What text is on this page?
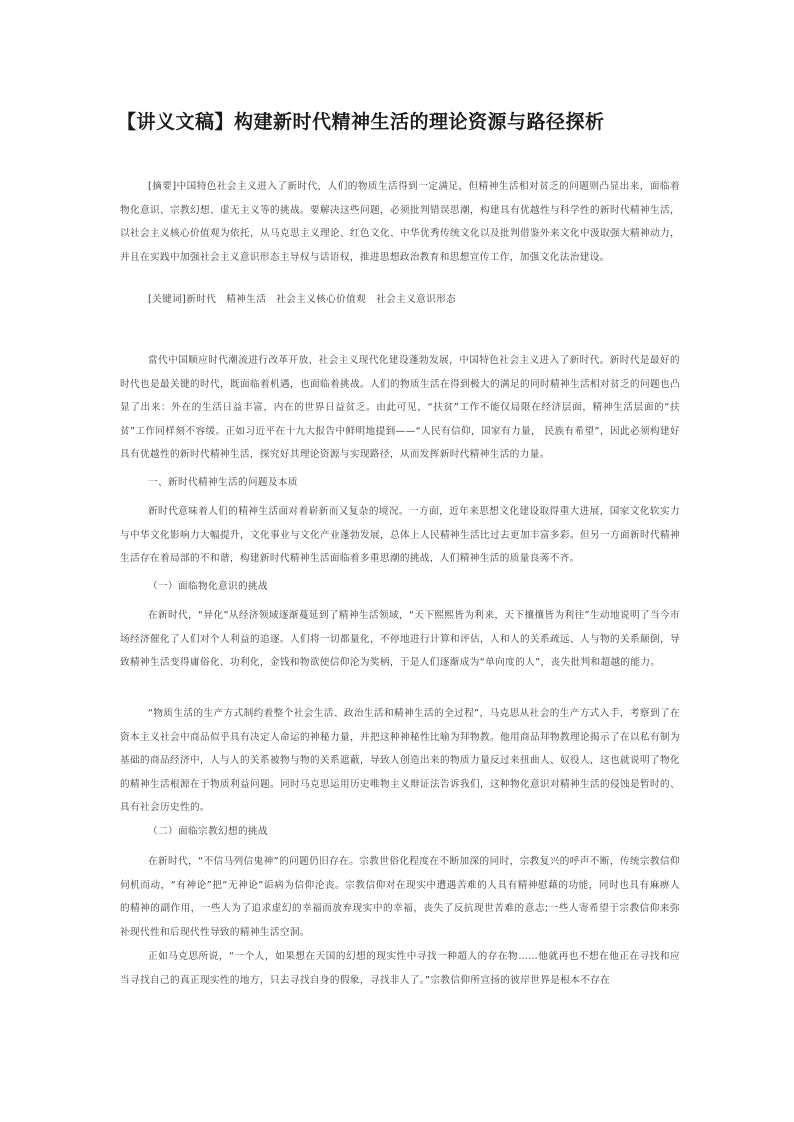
【讲义文稿】构建新时代精神生活的理论资源与路径探析

[摘要]中国特色社会主义进入了新时代，人们的物质生活得到一定满足，但精神生活相对贫乏的问题则凸显出来，面临着物化意识、宗教幻想、虚无主义等的挑战。要解决这些问题，必须批判错误思潮，构建具有优越性与科学性的新时代精神生活，以社会主义核心价值观为依托，从马克思主义理论、红色文化、中华优秀传统文化以及批判借鉴外来文化中汲取强大精神动力，并且在实践中加强社会主义意识形态主导权与话语权，推进思想政治教育和思想宣传工作，加强文化法治建设。

[关键词]新时代　精神生活　社会主义核心价值观　社会主义意识形态

當代中国顺应时代潮流进行改革开放，社会主义现代化建设蓬勃发展，中国特色社会主义进入了新时代。新时代是最好的时代也是最关键的时代，既面临着机遇，也面临着挑战。人们的物质生活在得到极大的满足的同时精神生活相对贫乏的问题也凸显了出来：外在的生活日益丰富，内在的世界日益贫乏。由此可见，“扶贫”工作不能仅局限在经济层面，精神生活层面的“扶贫”工作同样刻不容缓。正如习近平在十九大报告中鲜明地提到——“人民有信仰，国家有力量， 民族有希望”，因此必须构建好具有优越性的新时代精神生活，探究好其理论资源与实现路径，从而发挥新时代精神生活的力量。

一、新时代精神生活的问题及本质

新时代意味着人们的精神生活面对着崭新而又复杂的境况。一方面，近年来思想文化建设取得重大进展，国家文化软实力与中华文化影响力大幅提升，文化事业与文化产业蓬勃发展，总体上人民精神生活比过去更加丰富多彩。但另一方面新时代精神生活存在着局部的不和谐，构建新时代精神生活面临着多重思潮的挑战，人们精神生活的质量良莠不齐。

（一）面临物化意识的挑战

在新时代，“异化”从经济领域逐渐蔓延到了精神生活领域，“天下熙熙皆为利来，天下攘攘皆为利往”生动地说明了当今市场经济催化了人们对个人利益的追逐。人们将一切都量化，不停地进行计算和评估，人和人的关系疏远、人与物的关系颠倒，导致精神生活变得庸俗化、功利化，金钱和物欲使信仰沦为奖柄，于是人们逐渐成为“单向度的人”，丧失批判和超越的能力。

“物质生活的生产方式制约着整个社会生活、政治生活和精神生活的全过程”，马克思从社会的生产方式入手，考察到了在资本主义社会中商品似乎具有决定人命运的神秘力量，并把这种神秘性比喻为拜物教。他用商品拜物教理论揭示了在以私有制为基础的商品经济中，人与人的关系被物与物的关系遮蔽，导致人创造出来的物质力量反过来扭曲人、奴役人，这也就说明了物化的精神生活根源在于物质利益问题。同时马克思运用历史唯物主义辩证法告诉我们，这种物化意识对精神生活的侵蚀是暂时的、具有社会历史性的。

（二）面临宗教幻想的挑战

在新时代，“不信马列信鬼神”的问题仍旧存在。宗教世俗化程度在不断加深的同时，宗教复兴的呼声不断，传统宗教信仰伺机而动，“有神论”把“无神论”诟病为信仰沦丧。宗教信仰对在现实中遭遇苦难的人具有精神慰藉的功能，同时也具有麻痹人的精神的副作用，一些人为了追求虚幻的幸福而放弃现实中的幸福，丧失了反抗现世苦难的意志;一些人寄希望于宗教信仰来弥补现代性和后现代性导致的精神生活空洞。

正如马克思所说，“一个人，如果想在天国的幻想的现实性中寻找一种超人的存在物……他就再也不想在他正在寻找和应当寻找自己的真正现实性的地方，只去寻找自身的假象，寻找非人了。”宗教信仰所宣扬的彼岸世界是根本不存在
